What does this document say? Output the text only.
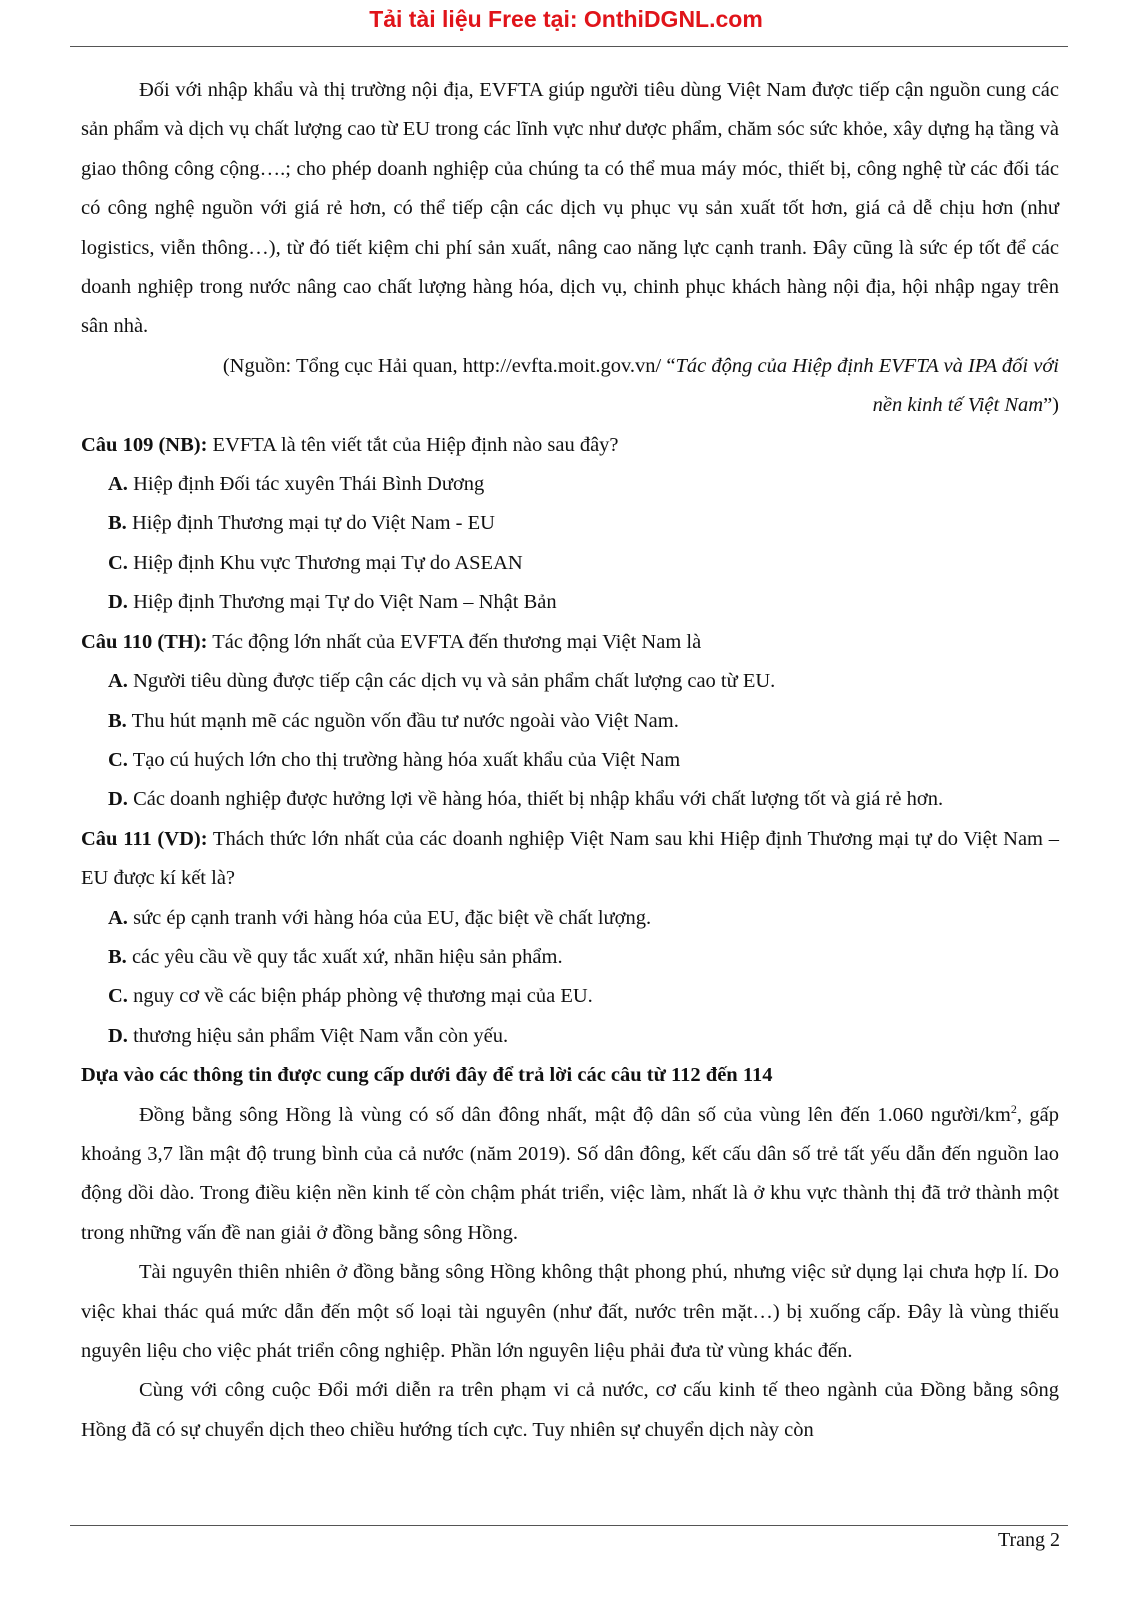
Tải tài liệu Free tại: OnthiDGNL.com

Đối với nhập khẩu và thị trường nội địa, EVFTA giúp người tiêu dùng Việt Nam được tiếp cận nguồn cung các sản phẩm và dịch vụ chất lượng cao từ EU trong các lĩnh vực như dược phẩm, chăm sóc sức khỏe, xây dựng hạ tầng và giao thông công cộng….; cho phép doanh nghiệp của chúng ta có thể mua máy móc, thiết bị, công nghệ từ các đối tác có công nghệ nguồn với giá rẻ hơn, có thể tiếp cận các dịch vụ phục vụ sản xuất tốt hơn, giá cả dễ chịu hơn (như logistics, viễn thông…), từ đó tiết kiệm chi phí sản xuất, nâng cao năng lực cạnh tranh. Đây cũng là sức ép tốt để các doanh nghiệp trong nước nâng cao chất lượng hàng hóa, dịch vụ, chinh phục khách hàng nội địa, hội nhập ngay trên sân nhà.

(Nguồn: Tổng cục Hải quan, http://evfta.moit.gov.vn/ “Tác động của Hiệp định EVFTA và IPA đối với
nền kinh tế Việt Nam”)

Câu 109 (NB): EVFTA là tên viết tắt của Hiệp định nào sau đây?

A. Hiệp định Đối tác xuyên Thái Bình Dương

B. Hiệp định Thương mại tự do Việt Nam - EU

C. Hiệp định Khu vực Thương mại Tự do ASEAN

D. Hiệp định Thương mại Tự do Việt Nam – Nhật Bản

Câu 110 (TH): Tác động lớn nhất của EVFTA đến thương mại Việt Nam là

A. Người tiêu dùng được tiếp cận các dịch vụ và sản phẩm chất lượng cao từ EU.

B. Thu hút mạnh mẽ các nguồn vốn đầu tư nước ngoài vào Việt Nam.

C. Tạo cú huých lớn cho thị trường hàng hóa xuất khẩu của Việt Nam

D. Các doanh nghiệp được hưởng lợi về hàng hóa, thiết bị nhập khẩu với chất lượng tốt và giá rẻ hơn.

Câu 111 (VD): Thách thức lớn nhất của các doanh nghiệp Việt Nam sau khi Hiệp định Thương mại tự do Việt Nam – EU được kí kết là?

A. sức ép cạnh tranh với hàng hóa của EU, đặc biệt về chất lượng.

B. các yêu cầu về quy tắc xuất xứ, nhãn hiệu sản phẩm.

C. nguy cơ về các biện pháp phòng vệ thương mại của EU.

D. thương hiệu sản phẩm Việt Nam vẫn còn yếu.

Dựa vào các thông tin được cung cấp dưới đây để trả lời các câu từ 112 đến 114

Đồng bằng sông Hồng là vùng có số dân đông nhất, mật độ dân số của vùng lên đến 1.060 người/$km^2$, gấp khoảng 3,7 lần mật độ trung bình của cả nước (năm 2019). Số dân đông, kết cấu dân số trẻ tất yếu dẫn đến nguồn lao động dồi dào. Trong điều kiện nền kinh tế còn chậm phát triển, việc làm, nhất là ở khu vực thành thị đã trở thành một trong những vấn đề nan giải ở đồng bằng sông Hồng.

Tài nguyên thiên nhiên ở đồng bằng sông Hồng không thật phong phú, nhưng việc sử dụng lại chưa hợp lí. Do việc khai thác quá mức dẫn đến một số loại tài nguyên (như đất, nước trên mặt…) bị xuống cấp. Đây là vùng thiếu nguyên liệu cho việc phát triển công nghiệp. Phần lớn nguyên liệu phải đưa từ vùng khác đến.

Cùng với công cuộc Đổi mới diễn ra trên phạm vi cả nước, cơ cấu kinh tế theo ngành của Đồng bằng sông Hồng đã có sự chuyển dịch theo chiều hướng tích cực. Tuy nhiên sự chuyển dịch này còn

Trang 2
